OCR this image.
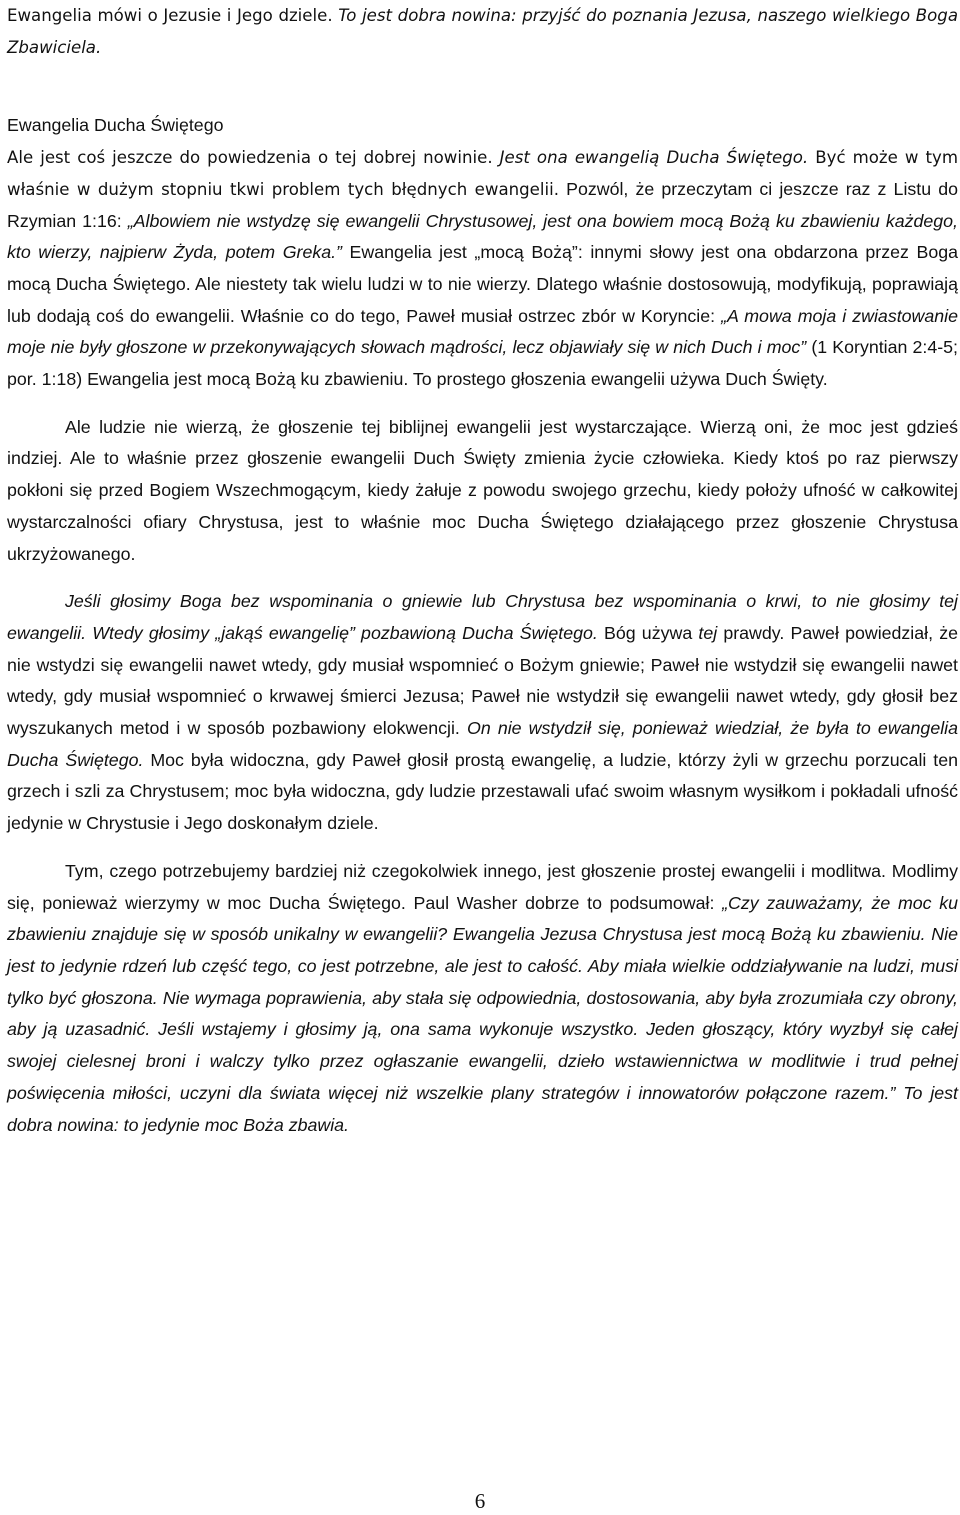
Ewangelia mówi o Jezusie i Jego dziele. To jest dobra nowina: przyjść do poznania Jezusa, naszego wielkiego Boga Zbawiciela.

Ewangelia Ducha Świętego

Ale jest coś jeszcze do powiedzenia o tej dobrej nowinie. Jest ona ewangelią Ducha Świętego. Być może w tym właśnie w dużym stopniu tkwi problem tych błędnych ewangelii. Pozwól, że przeczytam ci jeszcze raz z Listu do Rzymian 1:16: „Albowiem nie wstydzę się ewangelii Chrystusowej, jest ona bowiem mocą Bożą ku zbawieniu każdego, kto wierzy, najpierw Żyda, potem Greka.” Ewangelia jest „mocą Bożą”: innymi słowy jest ona obdarzona przez Boga mocą Ducha Świętego. Ale niestety tak wielu ludzi w to nie wierzy. Dlatego właśnie dostosowują, modyfikują, poprawiają lub dodają coś do ewangelii. Właśnie co do tego, Paweł musiał ostrzec zbór w Koryncie: „A mowa moja i zwiastowanie moje nie były głoszone w przekonywających słowach mądrości, lecz objawiały się w nich Duch i moc” (1 Koryntian 2:4-5; por. 1:18) Ewangelia jest mocą Bożą ku zbawieniu. To prostego głoszenia ewangelii używa Duch Święty.

Ale ludzie nie wierzą, że głoszenie tej biblijnej ewangelii jest wystarczające. Wierzą oni, że moc jest gdzieś indziej. Ale to właśnie przez głoszenie ewangelii Duch Święty zmienia życie człowieka. Kiedy ktoś po raz pierwszy pokłoni się przed Bogiem Wszechmogącym, kiedy żałuje z powodu swojego grzechu, kiedy położy ufność w całkowitej wystarczalności ofiary Chrystusa, jest to właśnie moc Ducha Świętego działającego przez głoszenie Chrystusa ukrzyżowanego.

Jeśli głosimy Boga bez wspominania o gniewie lub Chrystusa bez wspominania o krwi, to nie głosimy tej ewangelii. Wtedy głosimy „jakąś ewangelię” pozbawioną Ducha Świętego. Bóg używa tej prawdy. Paweł powiedział, że nie wstydzi się ewangelii nawet wtedy, gdy musiał wspomnieć o Bożym gniewie; Paweł nie wstydził się ewangelii nawet wtedy, gdy musiał wspomnieć o krwawej śmierci Jezusa; Paweł nie wstydził się ewangelii nawet wtedy, gdy głosił bez wyszukanych metod i w sposób pozbawiony elokwencji. On nie wstydził się, ponieważ wiedział, że była to ewangelia Ducha Świętego. Moc była widoczna, gdy Paweł głosił prostą ewangelię, a ludzie, którzy żyli w grzechu porzucali ten grzech i szli za Chrystusem; moc była widoczna, gdy ludzie przestawali ufać swoim własnym wysiłkom i pokładali ufność jedynie w Chrystusie i Jego doskonałym dziele.

Tym, czego potrzebujemy bardziej niż czegokolwiek innego, jest głoszenie prostej ewangelii i modlitwa. Modlimy się, ponieważ wierzymy w moc Ducha Świętego. Paul Washer dobrze to podsumował: „Czy zauważamy, że moc ku zbawieniu znajduje się w sposób unikalny w ewangelii? Ewangelia Jezusa Chrystusa jest mocą Bożą ku zbawieniu. Nie jest to jedynie rdzeń lub część tego, co jest potrzebne, ale jest to całość. Aby miała wielkie oddziaływanie na ludzi, musi tylko być głoszona. Nie wymaga poprawienia, aby stała się odpowiednia, dostosowania, aby była zrozumiała czy obrony, aby ją uzasadnić. Jeśli wstajemy i głosimy ją, ona sama wykonuje wszystko. Jeden głoszący, który wyzbył się całej swojej cielesnej broni i walczy tylko przez ogłaszanie ewangelii, dzieło wstawiennictwa w modlitwie i trud pełnej poświęcenia miłości, uczyni dla świata więcej niż wszelkie plany strategów i innowatorów połączone razem.” To jest dobra nowina: to jedynie moc Boża zbawia.

6
